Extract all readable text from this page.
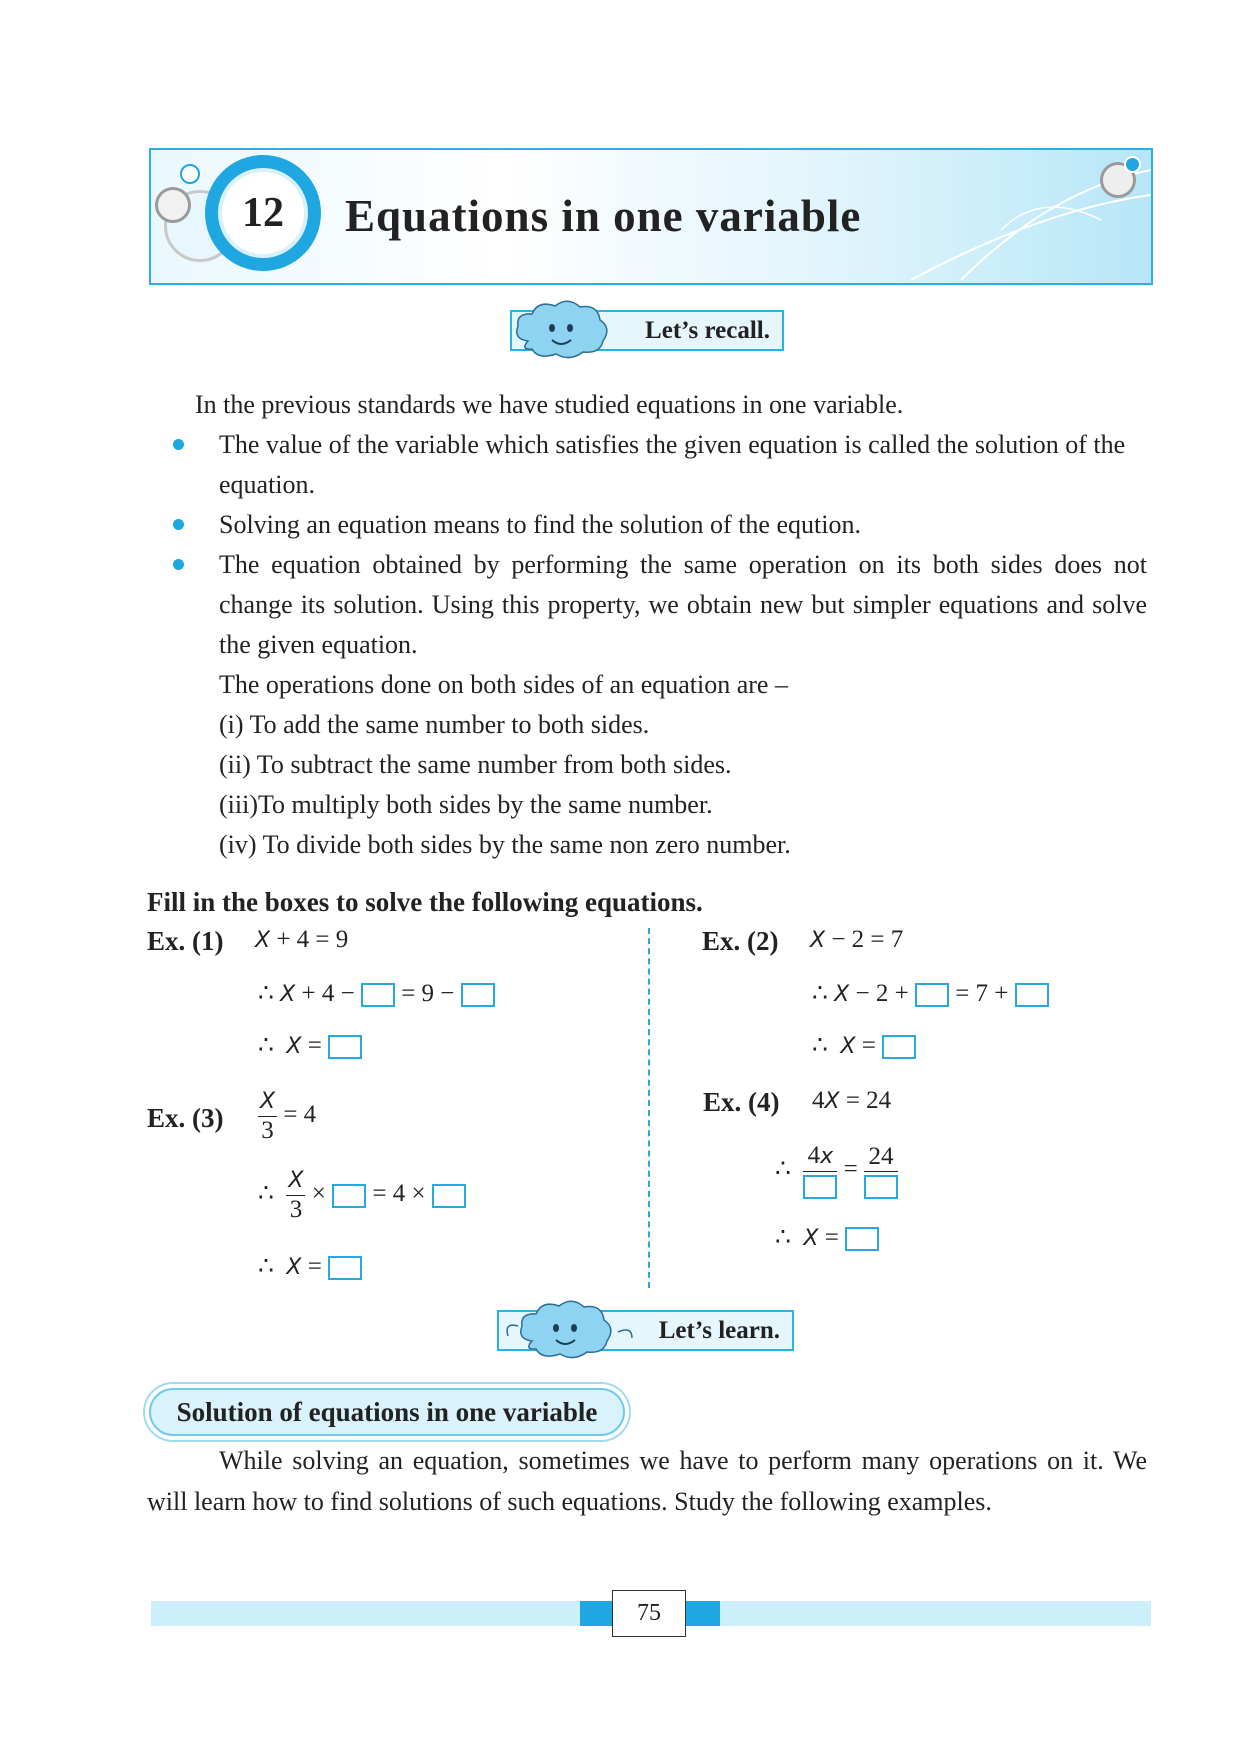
12	Equations in one variable
Let’s recall.
In the previous standards we have studied equations in one variable.
The value of the variable which satisfies the given equation is called the solution of the equation.
Solving an equation means to find the solution of the eqution.
The equation obtained by performing the same operation on its both sides does not change its solution. Using this property, we obtain new but simpler equations and solve the given equation.
The operations done on both sides of an equation are –
(i) To add the same number to both sides.
(ii) To subtract the same number from both sides.
(iii)To multiply both sides by the same number.
(iv) To divide both sides by the same non zero number.
Fill in the boxes to solve the following equations.
Ex. (1) X + 4 = 9
∴ X + 4 −  = 9 −
∴  X =
Ex. (2) X − 2 = 7
∴ X − 2 +  = 7 +
∴  X =
Ex. $(3) \frac{X}{3} = 4$
∴ $\frac{X}{3}$ ×  = 4 ×
∴  X =
Ex. (4) 4X = 24
∴
4x = 24
∴  X =
Let’s learn.
Solution of equations in one variable
While solving an equation, sometimes we have to perform many operations on it. We will learn how to find solutions of such equations. Study the following examples.
75
